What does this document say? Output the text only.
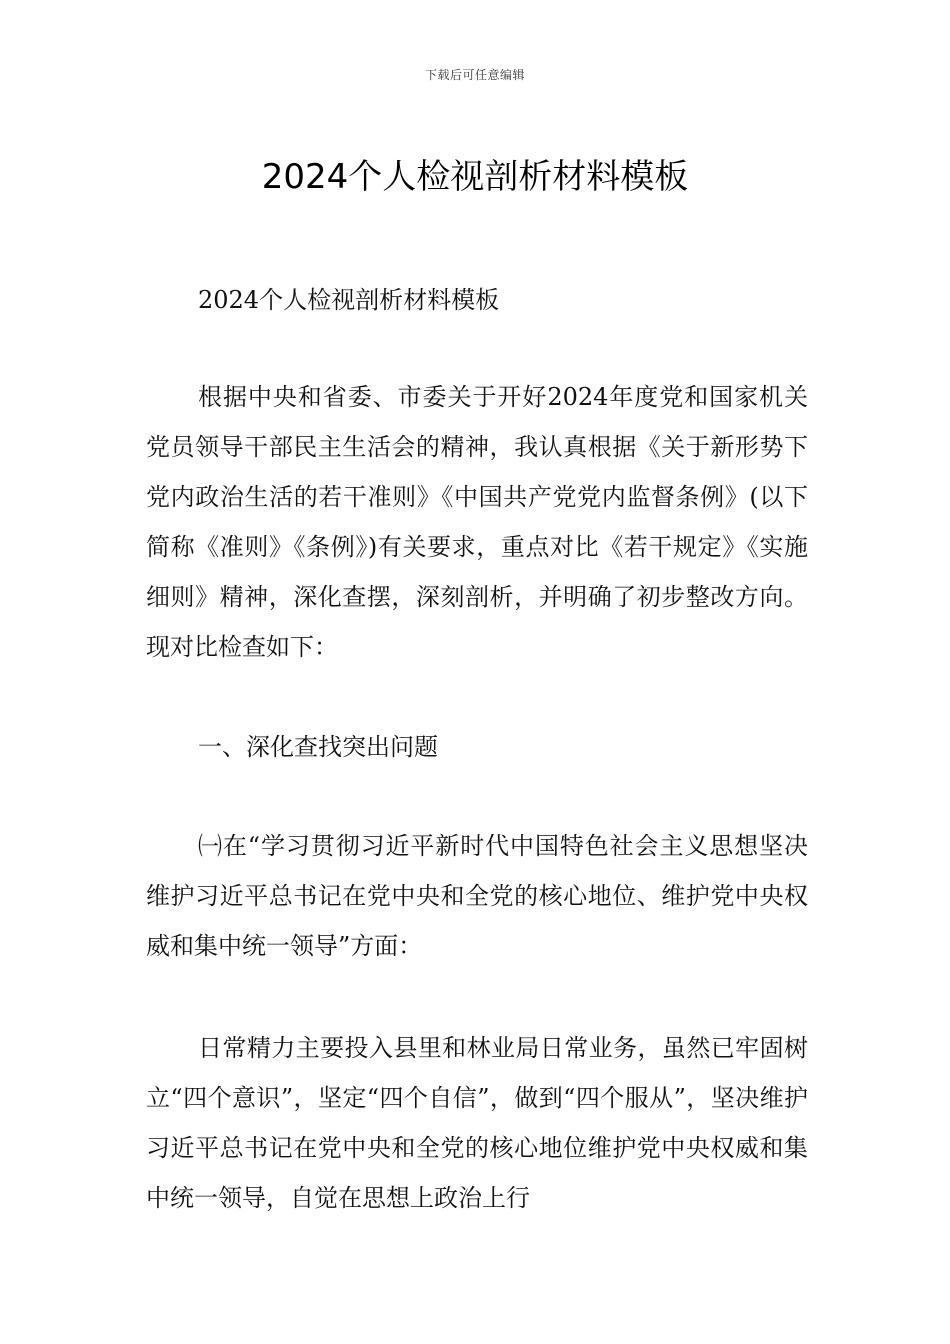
下载后可任意编辑
2024个人检视剖析材料模板

2024个人检视剖析材料模板

根据中央和省委、市委关于开好2024年度党和国家机关党员领导干部民主生活会的精神，我认真根据《关于新形势下党内政治生活的若干准则》《中国共产党党内监督条例》(以下简称《准则》《条例》)有关要求，重点对比《若干规定》《实施细则》精神，深化查摆，深刻剖析，并明确了初步整改方向。现对比检查如下：

一、深化查找突出问题

㈠在“学习贯彻习近平新时代中国特色社会主义思想坚决维护习近平总书记在党中央和全党的核心地位、维护党中央权威和集中统一领导”方面：

日常精力主要投入县里和林业局日常业务，虽然已牢固树立“四个意识”，坚定“四个自信”，做到“四个服从”，坚决维护习近平总书记在党中央和全党的核心地位维护党中央权威和集中统一领导，自觉在思想上政治上行
